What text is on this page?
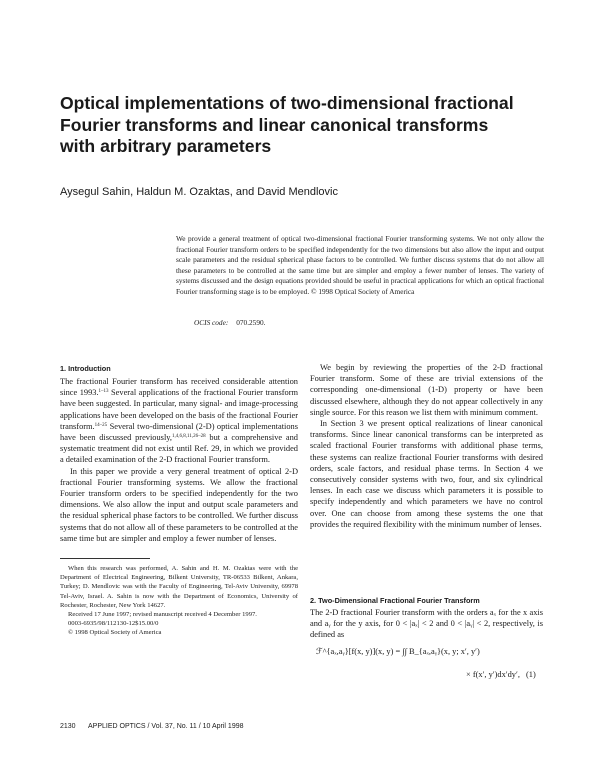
Optical implementations of two-dimensional fractional
Fourier transforms and linear canonical transforms
with arbitrary parameters
Aysegul Sahin, Haldun M. Ozaktas, and David Mendlovic

We provide a general treatment of optical two-dimensional fractional Fourier transforming systems. We not only allow the fractional Fourier transform orders to be specified independently for the two dimensions but also allow the input and output scale parameters and the residual spherical phase factors to be controlled. We further discuss systems that do not allow all these parameters to be controlled at the same time but are simpler and employ a fewer number of lenses. The variety of systems discussed and the design equations provided should be useful in practical applications for which an optical fractional Fourier transforming stage is to be employed. © 1998 Optical Society of America

OCIS code: 070.2590.
1. Introduction

The fractional Fourier transform has received considerable attention since 1993.$^{1-13}$ Several applications of the fractional Fourier transform have been suggested. In particular, many signal- and image-processing applications have been developed on the basis of the fractional Fourier transform.$^{14-25}$ Several two-dimensional (2-D) optical implementations have been discussed previously,$^{1,4,6,8,11,26-28}$ but a comprehensive and systematic treatment did not exist until Ref. 29, in which we provided a detailed examination of the 2-D fractional Fourier transform.

In this paper we provide a very general treatment of optical 2-D fractional Fourier transforming systems. We allow the fractional Fourier transform orders to be specified independently for the two dimensions. We also allow the input and output scale parameters and the residual spherical phase factors to be controlled. We further discuss systems that do not allow all of these parameters to be controlled at the same time but are simpler and employ a fewer number of lenses.

When this research was performed, A. Sahin and H. M. Ozaktas were with the Department of Electrical Engineering, Bilkent University, TR-06533 Bilkent, Ankara, Turkey; D. Mendlovic was with the Faculty of Engineering, Tel-Aviv University, 69978 Tel-Aviv, Israel. A. Sahin is now with the Department of Economics, University of Rochester, Rochester, New York 14627.

Received 17 June 1997; revised manuscript received 4 December 1997.

0003-6935/98/112130-12$15.00/0

© 1998 Optical Society of America

We begin by reviewing the properties of the 2-D fractional Fourier transform. Some of these are trivial extensions of the corresponding one-dimensional (1-D) property or have been discussed elsewhere, although they do not appear collectively in any single source. For this reason we list them with minimum comment.

In Section 3 we present optical realizations of linear canonical transforms. Since linear canonical transforms can be interpreted as scaled fractional Fourier transforms with additional phase terms, these systems can realize fractional Fourier transforms with desired orders, scale factors, and residual phase terms. In Section 4 we consecutively consider systems with two, four, and six cylindrical lenses. In each case we discuss which parameters it is possible to specify independently and which parameters we have no control over. One can choose from among these systems the one that provides the required flexibility with the minimum number of lenses.

2. Two-Dimensional Fractional Fourier Transform

The 2-D fractional Fourier transform with the orders aₓ for the x axis and aᵧ for the y axis, for 0 < |aₓ| < 2 and 0 < |aᵧ| < 2, respectively, is defined as

ℱ^{aₓ,aᵧ}[f(x, y)](x, y) = ∫∫ B_{aₓ,aᵧ}(x, y; x′, y′)
× f(x′, y′)dx′dy′, (1)
2130 APPLIED OPTICS / Vol. 37, No. 11 / 10 April 1998
